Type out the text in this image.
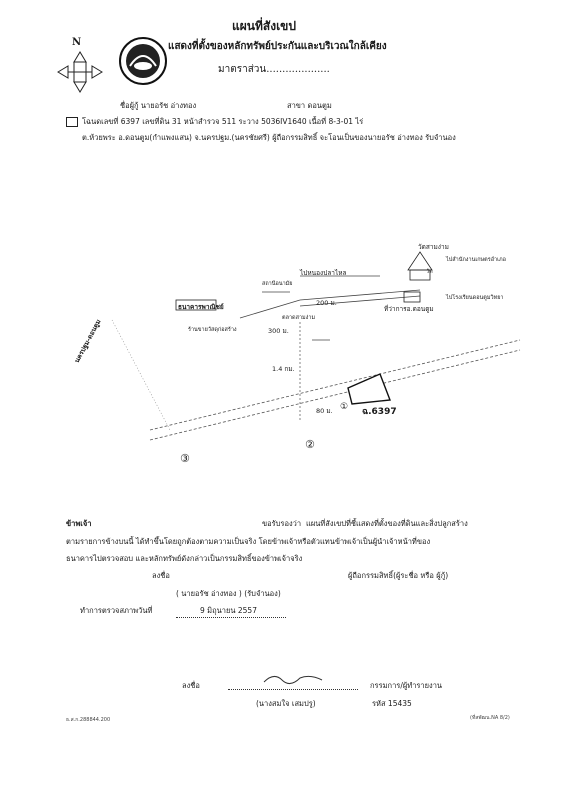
แผนที่สังเขป
แสดงที่ตั้งของหลักทรัพย์ประกันและบริเวณใกล้เคียง
มาตราส่วน....................
N
ชื่อผู้กู้ นายอรัช อ่างทอง	สาขา ดอนตูม
โฉนดเลขที่ 6397 เลขที่ดิน 31 หน้าสำรวจ 511 ระวาง 5036IV1640 เนื้อที่ 8-3-01 ไร่
ต.ห้วยพระ อ.ดอนตูม(กำแพงแสน) จ.นครปฐม.(นครชัยศรี) ผู้ถือกรรมสิทธิ์ จะโอนเป็นของนายอรัช อ่างทอง รับจำนอง
นครปฐม-ดอนตูม
ไปหนองปลาไหล
วัดสามง่าม
ที่ว่าการอ.ดอนตูม
ธนาคารพาณิชย์
ร้านขายวัสดุก่อสร้าง
ตลาดสามง่าม
สถานีอนามัย
วัด
ไปสำนักงานเกษตรอำเภอ
ไปโรงเรียนดอนตูมวิทยา
200 ม.
300 ม.
1.4 กม.
80 ม.	ฉ.6397
①
②
③
ข้าพเจ้า	ขอรับรองว่า แผนที่สังเขปที่ชี้แสดงที่ตั้งของที่ดินและสิ่งปลูกสร้าง
ตามรายการข้างบนนี้ ได้ทำขึ้นโดยถูกต้องตามความเป็นจริง โดยข้าพเจ้าหรือตัวแทนข้าพเจ้าเป็นผู้นำเจ้าหน้าที่ของ
ธนาคารไปตรวจสอบ และหลักทรัพย์ดังกล่าวเป็นกรรมสิทธิ์ของข้าพเจ้าจริง
ลงชื่อ	ผู้ถือกรรมสิทธิ์(ผู้ระชื่อ หรือ ผู้กู้)
( นายอรัช อ่างทอง ) (รับจำนอง)
ทำการตรวจสภาพวันที่	9 มิถุนายน 2557
ลงชื่อ	กรรมการ/ผู้ทำรายงาน
(นางสมใจ เสมปรู)	รหัส 15435
ธ.ส.ก.288844.200	(ที่สพัฒน.NA 8/2)
